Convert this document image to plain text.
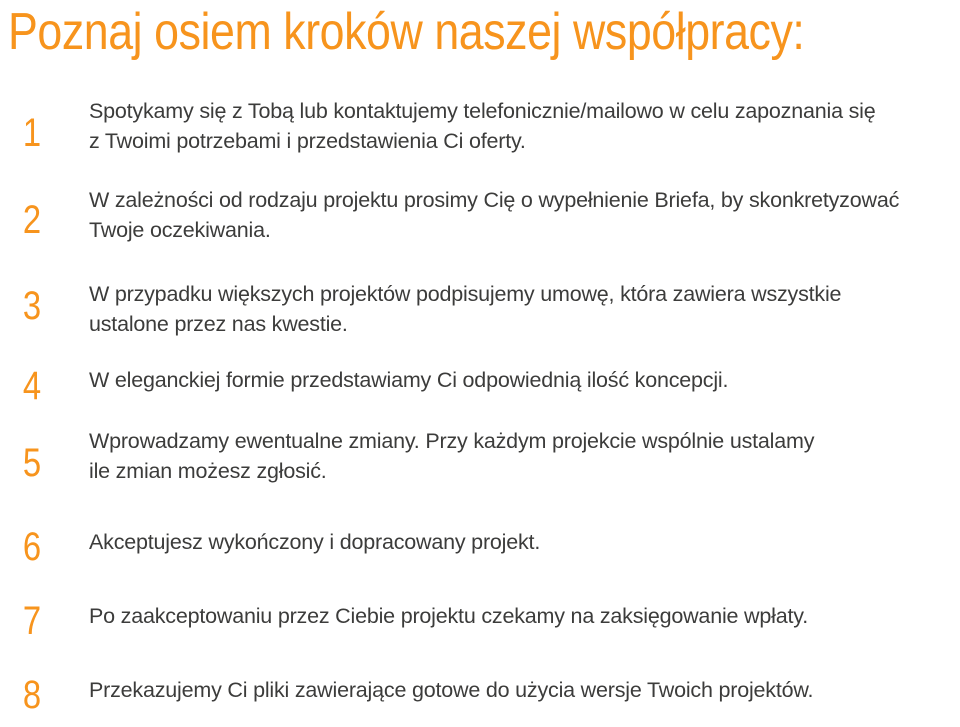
Poznaj osiem kroków naszej współpracy:
1 Spotykamy się z Tobą lub kontaktujemy telefonicznie/mailowo w celu zapoznania się
z Twoimi potrzebami i przedstawienia Ci oferty.

2 W zależności od rodzaju projektu prosimy Cię o wypełnienie Briefa, by skonkretyzować
Twoje oczekiwania.

3 W przypadku większych projektów podpisujemy umowę, która zawiera wszystkie
ustalone przez nas kwestie.

4 W eleganckiej formie przedstawiamy Ci odpowiednią ilość koncepcji.

5 Wprowadzamy ewentualne zmiany. Przy każdym projekcie wspólnie ustalamy
ile zmian możesz zgłosić.

6 Akceptujesz wykończony i dopracowany projekt.

7 Po zaakceptowaniu przez Ciebie projektu czekamy na zaksięgowanie wpłaty.

8 Przekazujemy Ci pliki zawierające gotowe do użycia wersje Twoich projektów.
